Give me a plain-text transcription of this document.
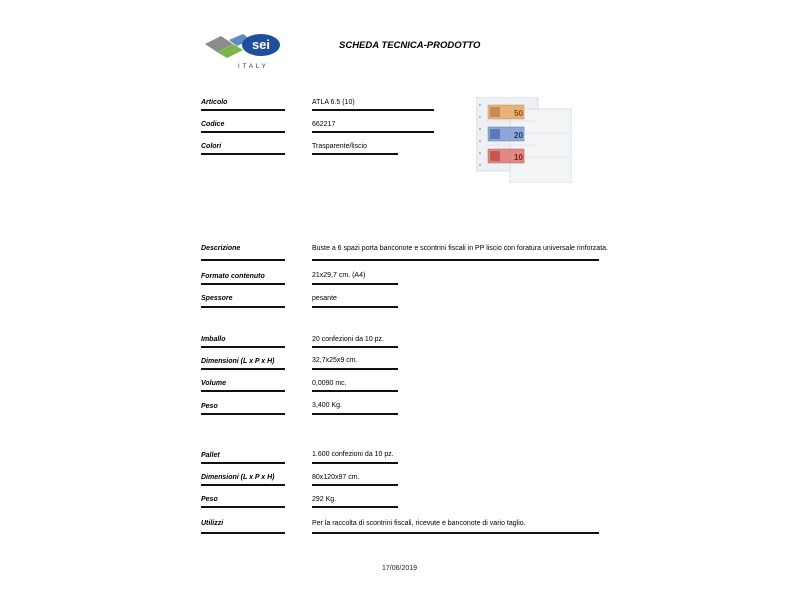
sei
ITALY
SCHEDA TECNICA-PRODOTTO
Articolo	ATLA 6.5 (10)
Codice	662217
Colori	Trasparente/liscio
50
20
10
Descrizione	Buste a 6 spazi porta banconote e scontrini fiscali in PP liscio con foratura universale rinforzata.
Formato contenuto	21x29,7 cm. (A4)
Spessore	pesante
Imballo	20 confezioni da 10 pz.
Dimensioni (L x P x H)	32,7x25x9 cm.
Volume	0,0090 mc.
Peso	3,400 Kg.
Pallet	1.600 confezioni da 10 pz.
Dimensioni (L x P x H)	80x120x97 cm.
Peso	292 Kg.
Utilizzi	Per la raccolta di scontrini fiscali, ricevute e banconote di vario taglio.
17/06/2019
